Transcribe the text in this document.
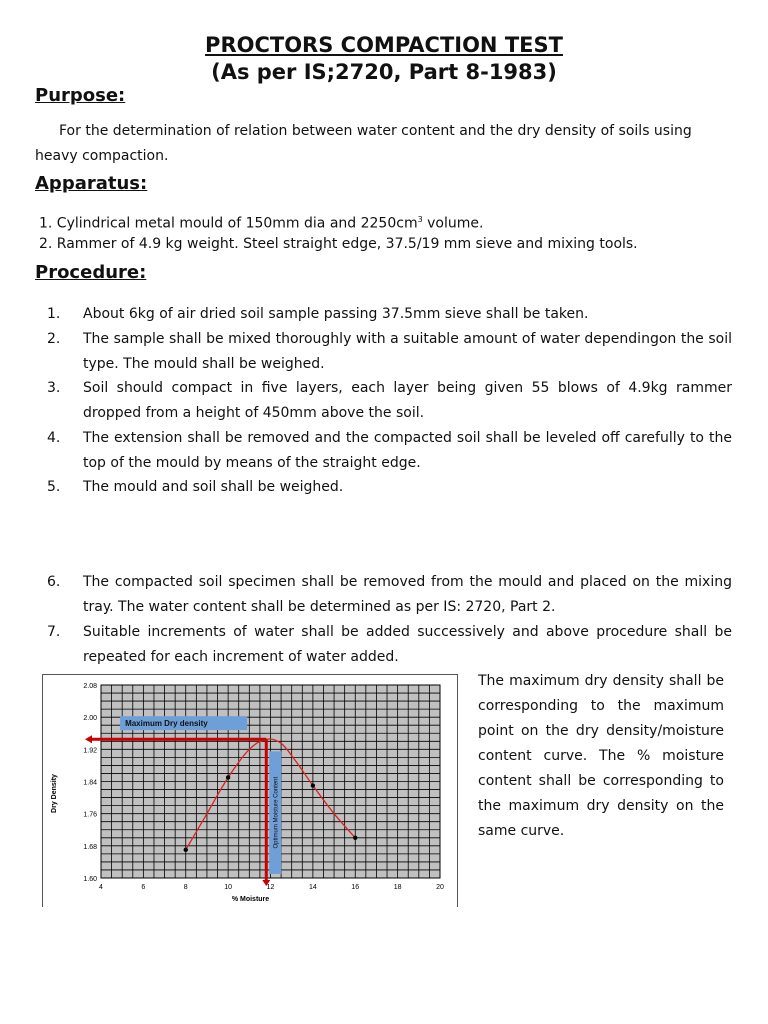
PROCTORS COMPACTION TEST
(As per IS;2720, Part 8-1983)
Purpose:
For the determination of relation between water content and the dry density of soils using heavy compaction.
Apparatus:
1. Cylindrical metal mould of 150mm dia and $2250cm^3$ volume.
2. Rammer of 4.9 kg weight. Steel straight edge, 37.5/19 mm sieve and mixing tools.
Procedure:
1.	About 6kg of air dried soil sample passing 37.5mm sieve shall be taken.
2.	The sample shall be mixed thoroughly with a suitable amount of water dependingon the soil type. The mould shall be weighed.
3.	Soil should compact in five layers, each layer being given 55 blows of 4.9kg rammer dropped from a height of 450mm above the soil.
4.	The extension shall be removed and the compacted soil shall be leveled off carefully to the top of the mould by means of the straight edge.
5.	The mould and soil shall be weighed.
6.	The compacted soil specimen shall be removed from the mould and placed on the mixing tray. The water content shall be determined as per IS: 2720, Part 2.
7.	Suitable increments of water shall be added successively and above procedure shall be repeated for each increment of water added.
1.60
1.68
1.76
1.84
1.92
2.00
2.08
4	6	8	10	12	14	16	18	20
Maximum Dry density
Optimum Moisture Content
% Moisture
Dry Density
The maximum dry density shall be corresponding to the maximum point on the dry density/moisture content curve. The % moisture content shall be corresponding to the maximum dry density on the same curve.
